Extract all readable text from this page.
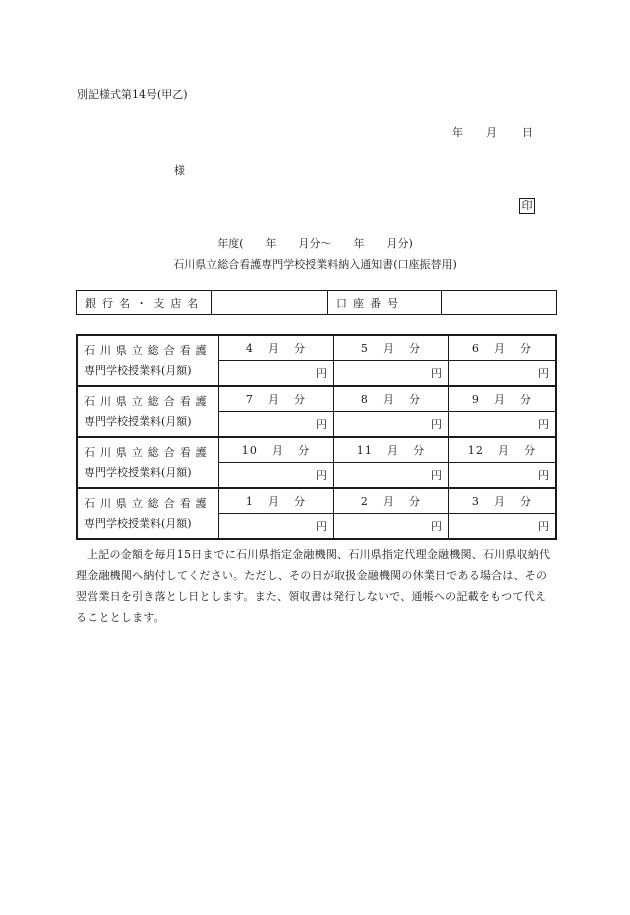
別記様式第14号(甲乙)
年 月 日
様
印
年度(　　年　　月分〜　　年　　月分)
石川県立総合看護専門学校授業料納入通知書(口座振替用)
銀行名・支店名		口座番号	
石川県立総合看護
専門学校授業料(月額)	4 月 分	5 月 分	6 月 分
	円	円	円

石川県立総合看護
専門学校授業料(月額)	7 月 分	8 月 分	9 月 分
	円	円	円

石川県立総合看護
専門学校授業料(月額)	10 月 分	11 月 分	12 月 分
	円	円	円

石川県立総合看護
専門学校授業料(月額)	1 月 分	2 月 分	3 月 分
	円	円	円
上記の金額を毎月15日までに石川県指定金融機関、石川県指定代理金融機関、石川県収納代理金融機関へ納付してください。ただし、その日が取扱金融機関の休業日である場合は、その翌営業日を引き落とし日とします。また、領収書は発行しないで、通帳への記載をもつて代えることとします。
